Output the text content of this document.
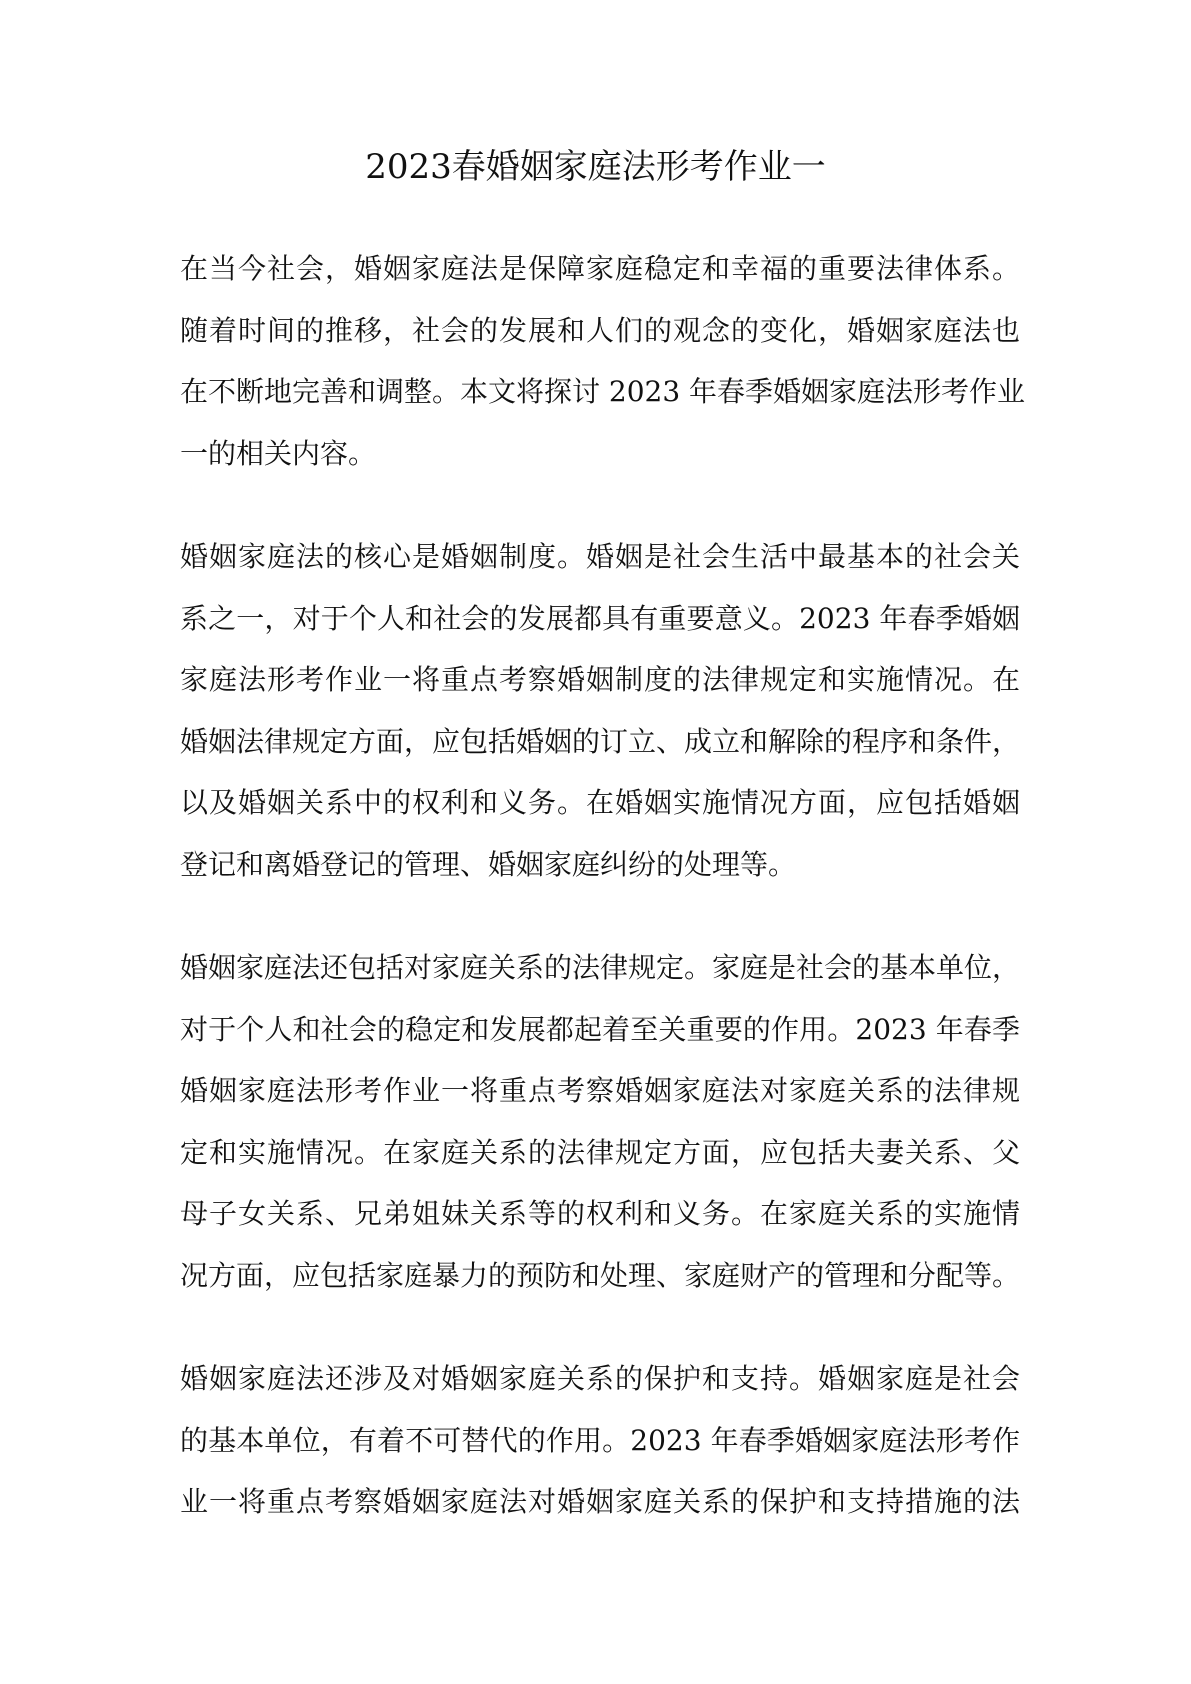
2023春婚姻家庭法形考作业一

在当今社会，婚姻家庭法是保障家庭稳定和幸福的重要法律体系。
随着时间的推移，社会的发展和人们的观念的变化，婚姻家庭法也
在不断地完善和调整。本文将探讨 2023 年春季婚姻家庭法形考作业
一的相关内容。

婚姻家庭法的核心是婚姻制度。婚姻是社会生活中最基本的社会关
系之一，对于个人和社会的发展都具有重要意义。2023 年春季婚姻
家庭法形考作业一将重点考察婚姻制度的法律规定和实施情况。在
婚姻法律规定方面，应包括婚姻的订立、成立和解除的程序和条件，
以及婚姻关系中的权利和义务。在婚姻实施情况方面，应包括婚姻
登记和离婚登记的管理、婚姻家庭纠纷的处理等。

婚姻家庭法还包括对家庭关系的法律规定。家庭是社会的基本单位，
对于个人和社会的稳定和发展都起着至关重要的作用。2023 年春季
婚姻家庭法形考作业一将重点考察婚姻家庭法对家庭关系的法律规
定和实施情况。在家庭关系的法律规定方面，应包括夫妻关系、父
母子女关系、兄弟姐妹关系等的权利和义务。在家庭关系的实施情
况方面，应包括家庭暴力的预防和处理、家庭财产的管理和分配等。

婚姻家庭法还涉及对婚姻家庭关系的保护和支持。婚姻家庭是社会
的基本单位，有着不可替代的作用。2023 年春季婚姻家庭法形考作
业一将重点考察婚姻家庭法对婚姻家庭关系的保护和支持措施的法
